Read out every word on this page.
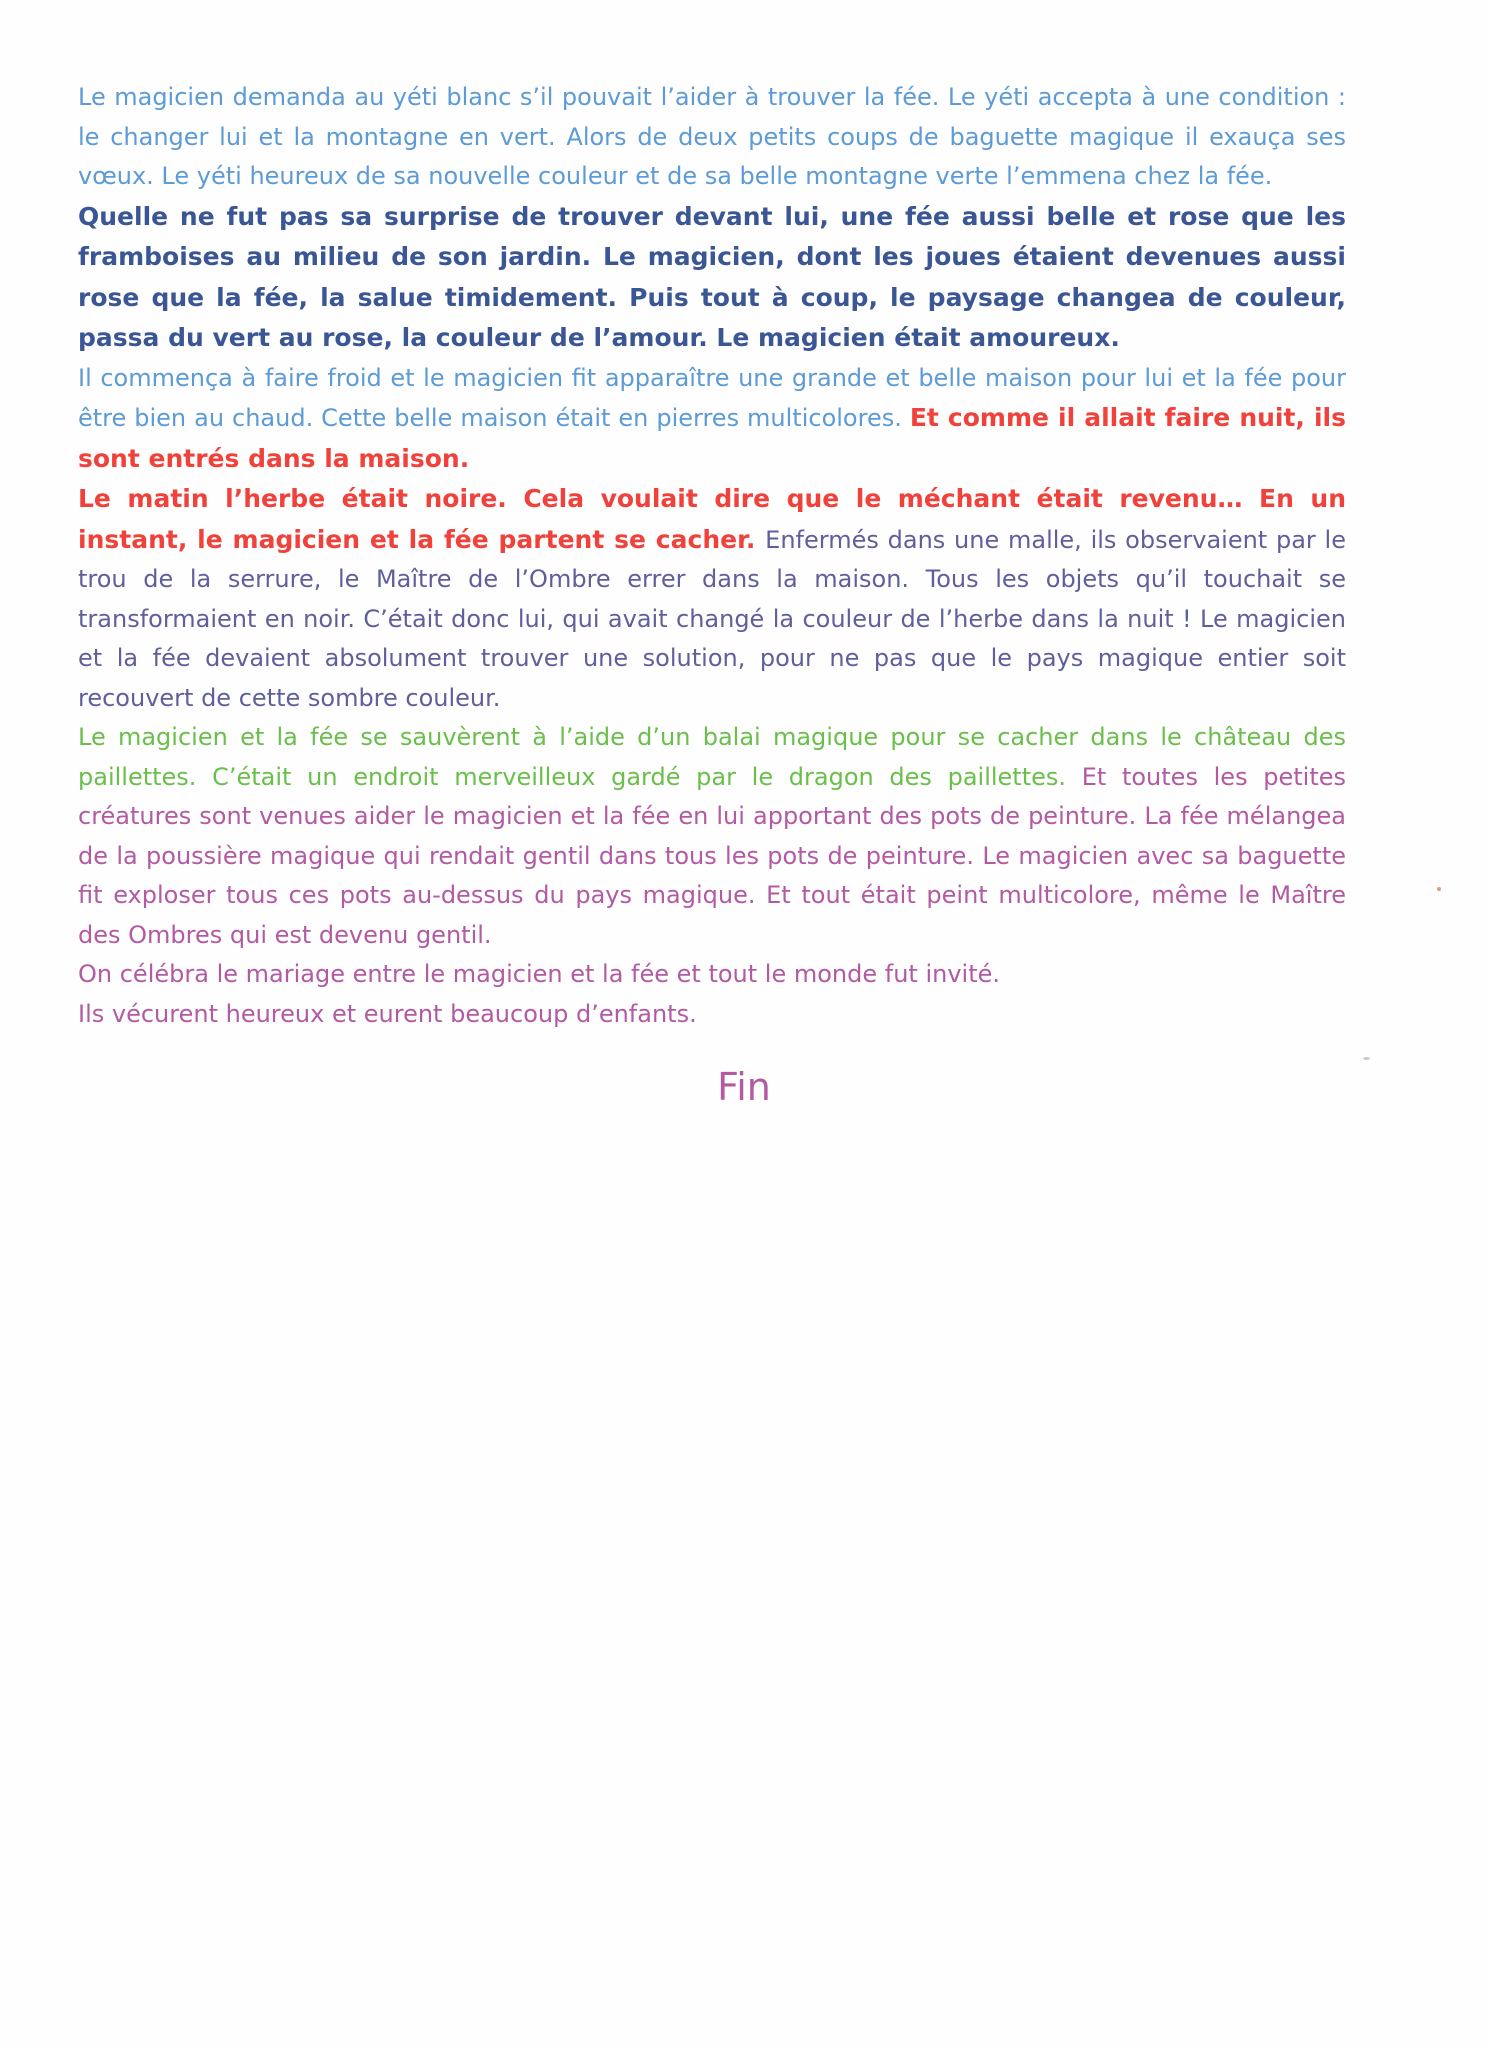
Le magicien demanda au yéti blanc s’il pouvait l’aider à trouver la fée. Le yéti accepta à une condition : le changer lui et la montagne en vert. Alors de deux petits coups de baguette magique il exauça ses vœux. Le yéti heureux de sa nouvelle couleur et de sa belle montagne verte l’emmena chez la fée.

Quelle ne fut pas sa surprise de trouver devant lui, une fée aussi belle et rose que les framboises au milieu de son jardin. Le magicien, dont les joues étaient devenues aussi rose que la fée, la salue timidement. Puis tout à coup, le paysage changea de couleur, passa du vert au rose, la couleur de l’amour. Le magicien était amoureux.

Il commença à faire froid et le magicien fit apparaître une grande et belle maison pour lui et la fée pour être bien au chaud. Cette belle maison était en pierres multicolores. Et comme il allait faire nuit, ils sont entrés dans la maison.

Le matin l’herbe était noire. Cela voulait dire que le méchant était revenu… En un instant, le magicien et la fée partent se cacher. Enfermés dans une malle, ils observaient par le trou de la serrure, le Maître de l’Ombre errer dans la maison. Tous les objets qu’il touchait se transformaient en noir. C’était donc lui, qui avait changé la couleur de l’herbe dans la nuit ! Le magicien et la fée devaient absolument trouver une solution, pour ne pas que le pays magique entier soit recouvert de cette sombre couleur.

Le magicien et la fée se sauvèrent à l’aide d’un balai magique pour se cacher dans le château des paillettes. C’était un endroit merveilleux gardé par le dragon des paillettes. Et toutes les petites créatures sont venues aider le magicien et la fée en lui apportant des pots de peinture. La fée mélangea de la poussière magique qui rendait gentil dans tous les pots de peinture. Le magicien avec sa baguette fit exploser tous ces pots au-dessus du pays magique. Et tout était peint multicolore, même le Maître des Ombres qui est devenu gentil.

On célébra le mariage entre le magicien et la fée et tout le monde fut invité.

Ils vécurent heureux et eurent beaucoup d’enfants.

Fin
